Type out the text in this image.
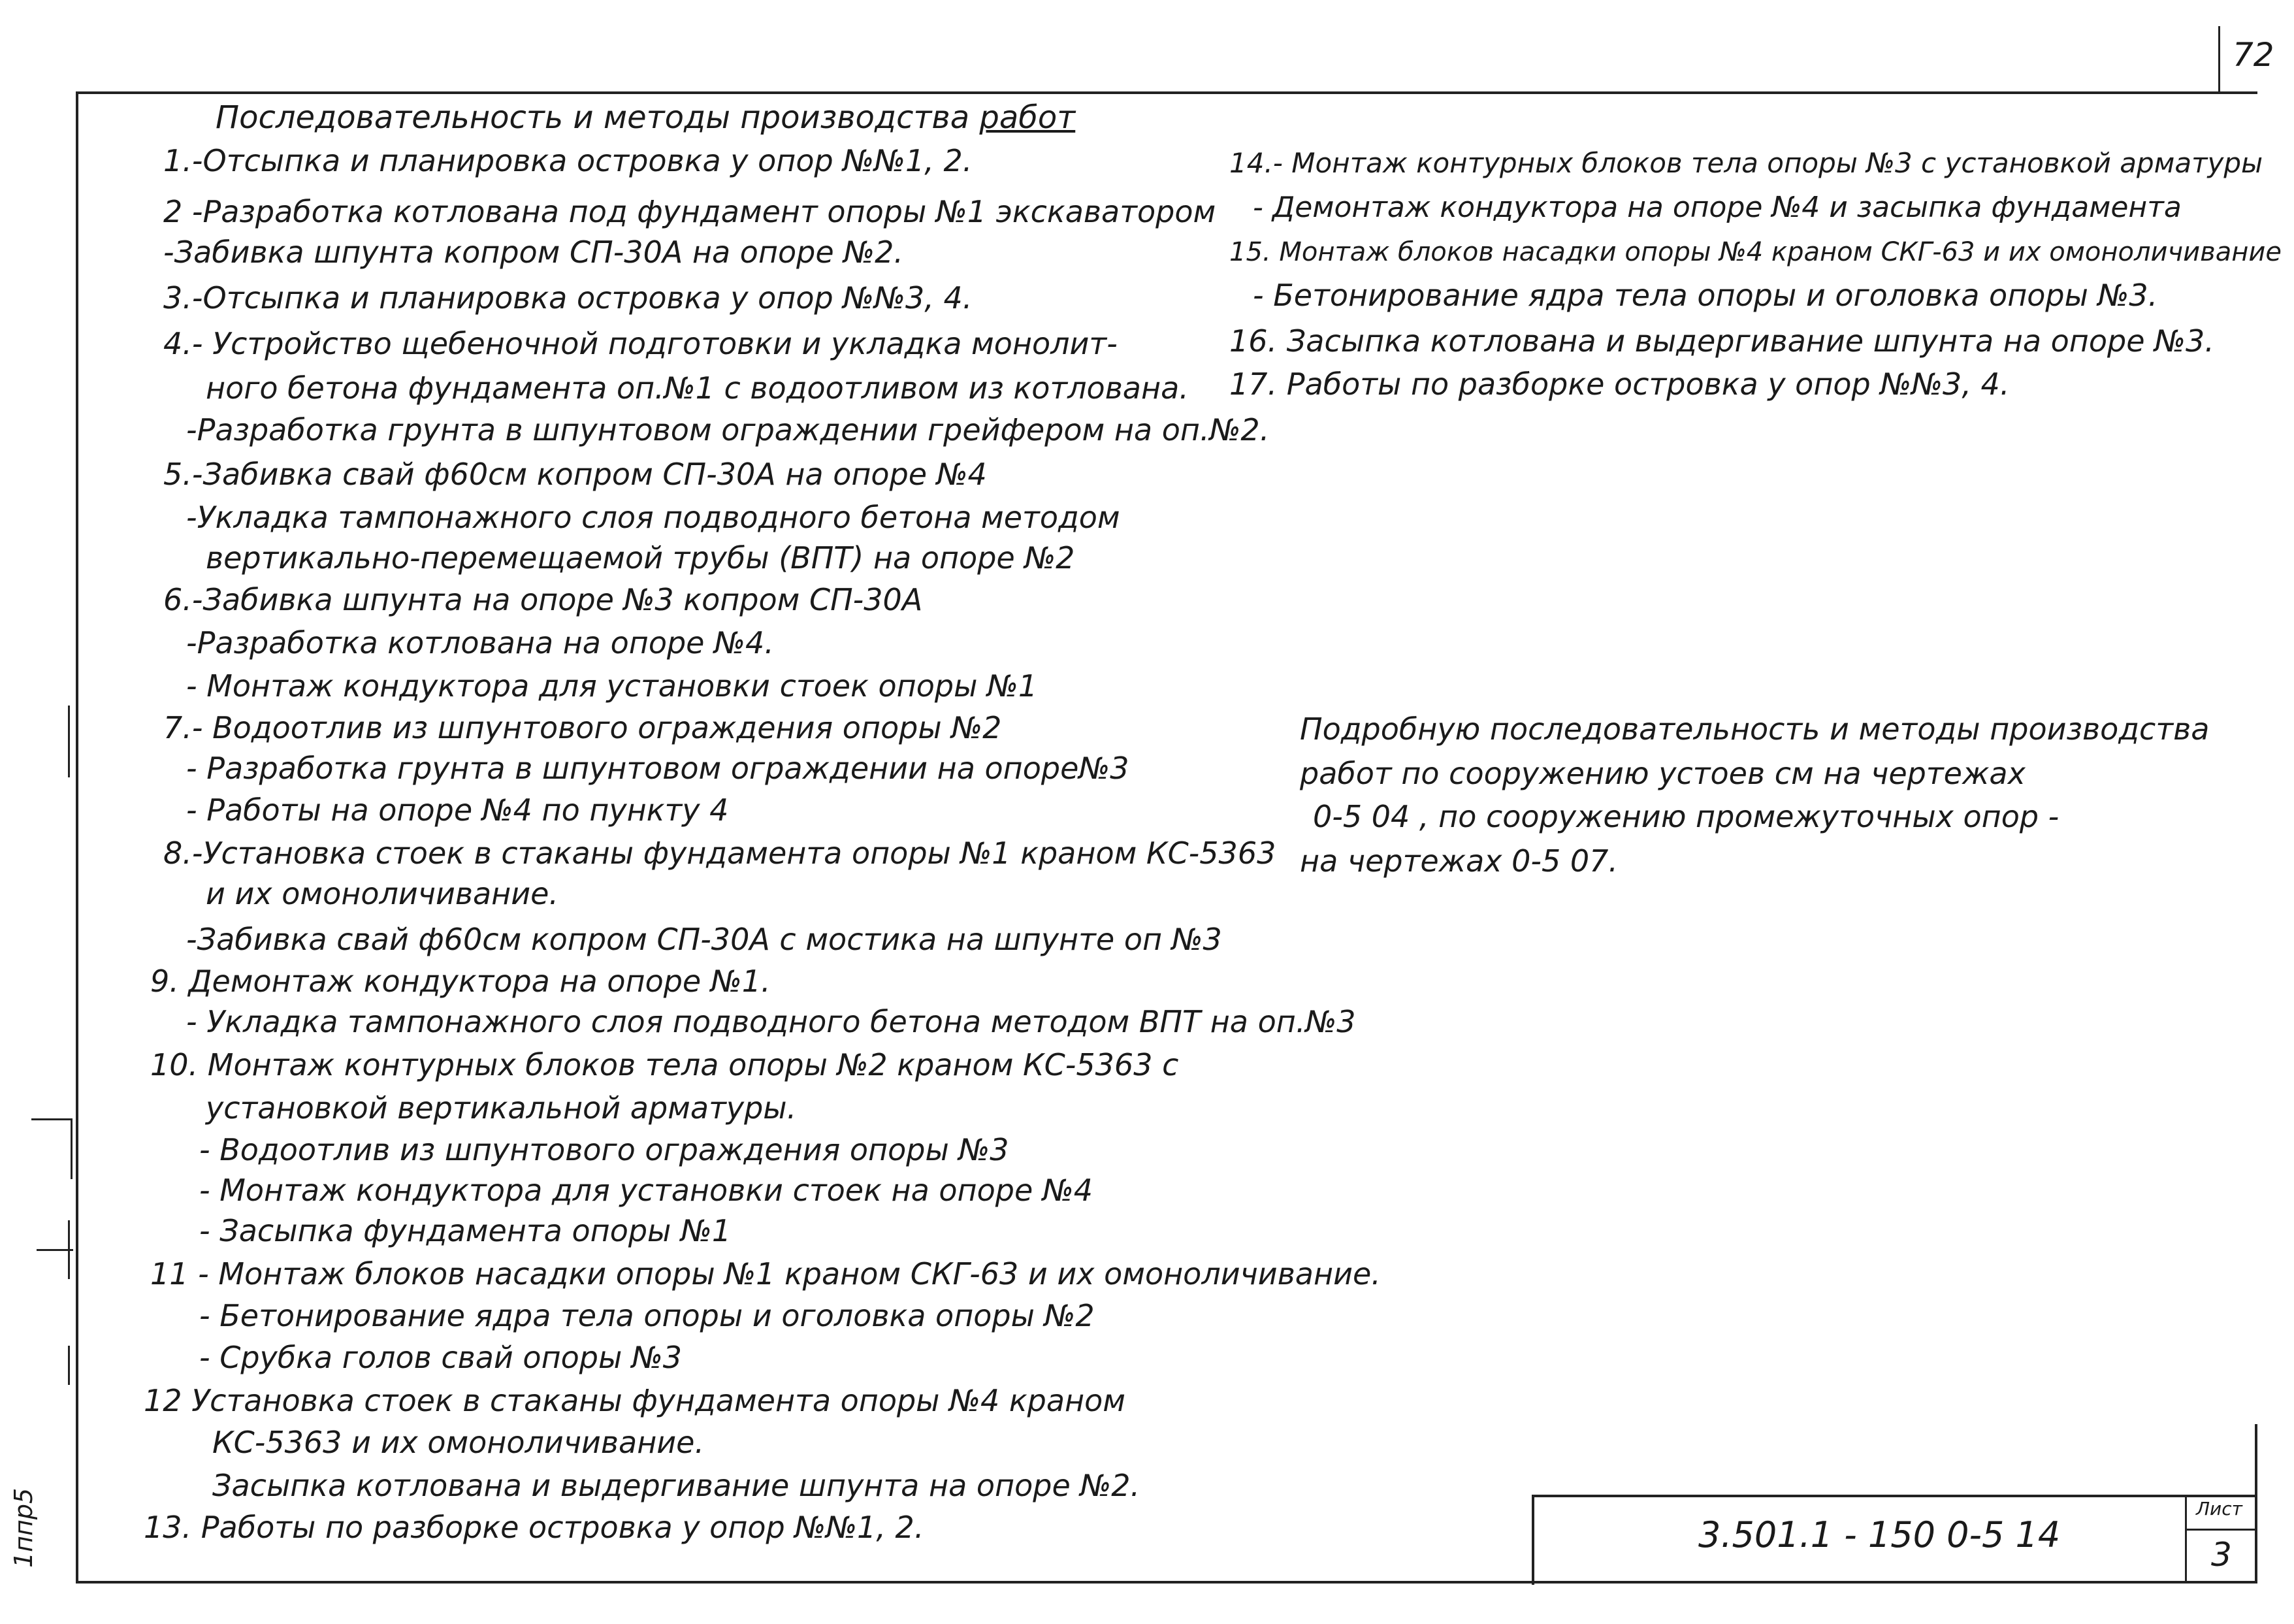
72
1ппр5
Последовательность и методы производства работ
1.-Отсыпка и планировка островка у опор №№1, 2.
2 -Разработка котлована под фундамент опоры №1 экскаватором
-Забивка шпунта копром СП-30А на опоре №2.
3.-Отсыпка и планировка островка у опор №№3, 4.
4.- Устройство щебеночной подготовки и укладка монолит-
ного бетона фундамента оп.№1 с водоотливом из котлована.
-Разработка грунта в шпунтовом ограждении грейфером на оп.№2.
5.-Забивка свай ф60см копром СП-30А на опоре №4
-Укладка тампонажного слоя подводного бетона методом
вертикально-перемещаемой трубы (ВПТ) на опоре №2
6.-Забивка шпунта на опоре №3 копром СП-30А
-Разработка котлована на опоре №4.
- Монтаж кондуктора для установки стоек опоры №1
7.- Водоотлив из шпунтового ограждения опоры №2
- Разработка грунта в шпунтовом ограждении на опоре№3
- Работы на опоре №4 по пункту 4
8.-Установка стоек в стаканы фундамента опоры №1 краном КС-5363
и их омоноличивание.
-Забивка свай ф60см копром СП-30А с мостика на шпунте оп №3
9. Демонтаж кондуктора на опоре №1.
- Укладка тампонажного слоя подводного бетона методом ВПТ на оп.№3
10. Монтаж контурных блоков тела опоры №2 краном КС-5363 с
установкой вертикальной арматуры.
- Водоотлив из шпунтового ограждения опоры №3
- Монтаж кондуктора для установки стоек на опоре №4
- Засыпка фундамента опоры №1
11 - Монтаж блоков насадки опоры №1 краном СКГ-63 и их омоноличивание.
- Бетонирование ядра тела опоры и оголовка опоры №2
- Срубка голов свай опоры №3
12 Установка стоек в стаканы фундамента опоры №4 краном
КС-5363 и их омоноличивание.
Засыпка котлована и выдергивание шпунта на опоре №2.
13. Работы по разборке островка у опор №№1, 2.
14.- Монтаж контурных блоков тела опоры №3 с установкой арматуры
- Демонтаж кондуктора на опоре №4 и засыпка фундамента
15. Монтаж блоков насадки опоры №4 краном СКГ-63 и их омоноличивание
- Бетонирование ядра тела опоры и оголовка опоры №3.
16. Засыпка котлована и выдергивание шпунта на опоре №3.
17. Работы по разборке островка у опор №№3, 4.
Подробную последовательность и методы производства
работ по сооружению устоев см на чертежах
0-5 04 , по сооружению промежуточных опор -
на чертежах 0-5 07.
3.501.1 - 150 0-5 14
Лист
3
